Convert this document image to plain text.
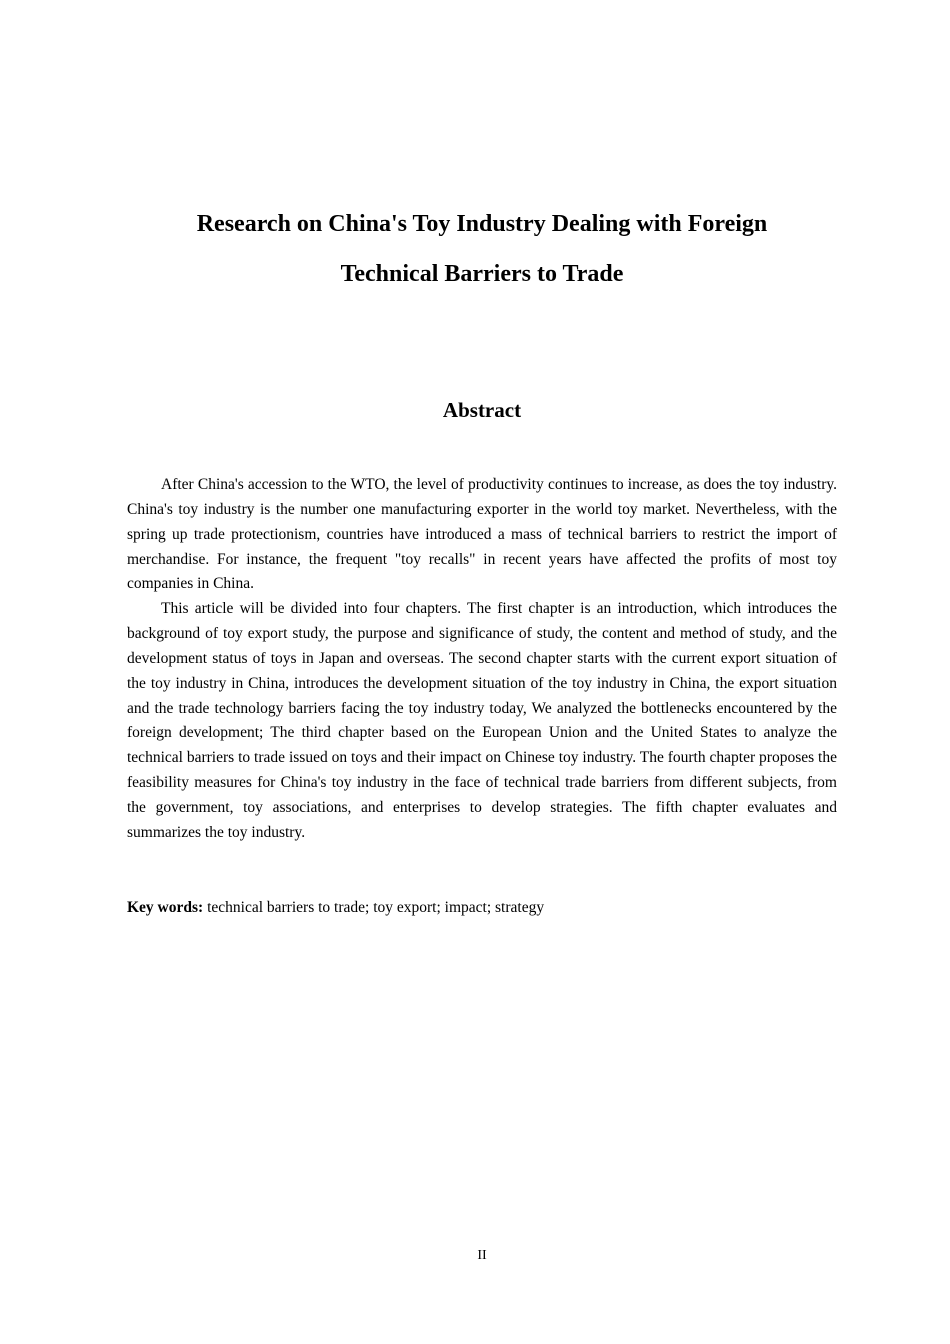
Research on China's Toy Industry Dealing with Foreign
Technical Barriers to Trade
Abstract

After China's accession to the WTO, the level of productivity continues to increase, as does the toy industry. China's toy industry is the number one manufacturing exporter in the world toy market. Nevertheless, with the spring up trade protectionism, countries have introduced a mass of technical barriers to restrict the import of merchandise. For instance, the frequent "toy recalls" in recent years have affected the profits of most toy companies in China.

This article will be divided into four chapters. The first chapter is an introduction, which introduces the background of toy export study, the purpose and significance of study, the content and method of study, and the development status of toys in Japan and overseas. The second chapter starts with the current export situation of the toy industry in China, introduces the development situation of the toy industry in China, the export situation and the trade technology barriers facing the toy industry today, We analyzed the bottlenecks encountered by the foreign development; The third chapter based on the European Union and the United States to analyze the technical barriers to trade issued on toys and their impact on Chinese toy industry. The fourth chapter proposes the feasibility measures for China's toy industry in the face of technical trade barriers from different subjects, from the government, toy associations, and enterprises to develop strategies. The fifth chapter evaluates and summarizes the toy industry.

Key words: technical barriers to trade; toy export; impact; strategy

II
